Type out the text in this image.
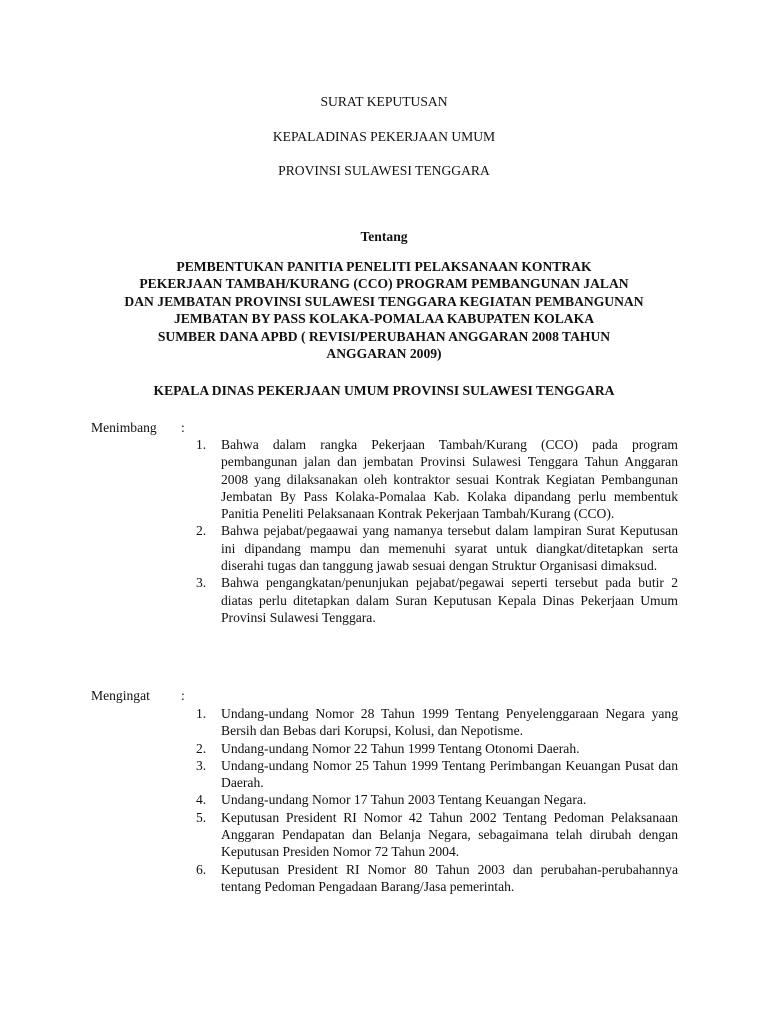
SURAT KEPUTUSAN
KEPALADINAS PEKERJAAN UMUM
PROVINSI SULAWESI TENGGARA
Tentang
PEMBENTUKAN PANITIA PENELITI PELAKSANAAN KONTRAK
PEKERJAAN TAMBAH/KURANG (CCO) PROGRAM PEMBANGUNAN JALAN
DAN JEMBATAN PROVINSI SULAWESI TENGGARA KEGIATAN PEMBANGUNAN
JEMBATAN BY PASS KOLAKA-POMALAA KABUPATEN KOLAKA
SUMBER DANA APBD ( REVISI/PERUBAHAN ANGGARAN 2008 TAHUN
ANGGARAN 2009)
KEPALA DINAS PEKERJAAN UMUM PROVINSI SULAWESI TENGGARA
Menimbang :
1. Bahwa dalam rangka Pekerjaan Tambah/Kurang (CCO) pada program pembangunan jalan dan jembatan Provinsi Sulawesi Tenggara Tahun Anggaran 2008 yang dilaksanakan oleh kontraktor sesuai Kontrak Kegiatan Pembangunan Jembatan By Pass Kolaka-Pomalaa Kab. Kolaka dipandang perlu membentuk Panitia Peneliti Pelaksanaan Kontrak Pekerjaan Tambah/Kurang (CCO).
2. Bahwa pejabat/pegaawai yang namanya tersebut dalam lampiran Surat Keputusan ini dipandang mampu dan memenuhi syarat untuk diangkat/ditetapkan serta diserahi tugas dan tanggung jawab sesuai dengan Struktur Organisasi dimaksud.
3. Bahwa pengangkatan/penunjukan pejabat/pegawai seperti tersebut pada butir 2 diatas perlu ditetapkan dalam Suran Keputusan Kepala Dinas Pekerjaan Umum Provinsi Sulawesi Tenggara.
Mengingat :
1. Undang-undang Nomor 28 Tahun 1999 Tentang Penyelenggaraan Negara yang Bersih dan Bebas dari Korupsi, Kolusi, dan Nepotisme.
2. Undang-undang Nomor 22 Tahun 1999 Tentang Otonomi Daerah.
3. Undang-undang Nomor 25 Tahun 1999 Tentang Perimbangan Keuangan Pusat dan Daerah.
4. Undang-undang Nomor 17 Tahun 2003 Tentang Keuangan Negara.
5. Keputusan President RI Nomor 42 Tahun 2002 Tentang Pedoman Pelaksanaan Anggaran Pendapatan dan Belanja Negara, sebagaimana telah dirubah dengan Keputusan Presiden Nomor 72 Tahun 2004.
6. Keputusan President RI Nomor 80 Tahun 2003 dan perubahan-perubahannya tentang Pedoman Pengadaan Barang/Jasa pemerintah.
